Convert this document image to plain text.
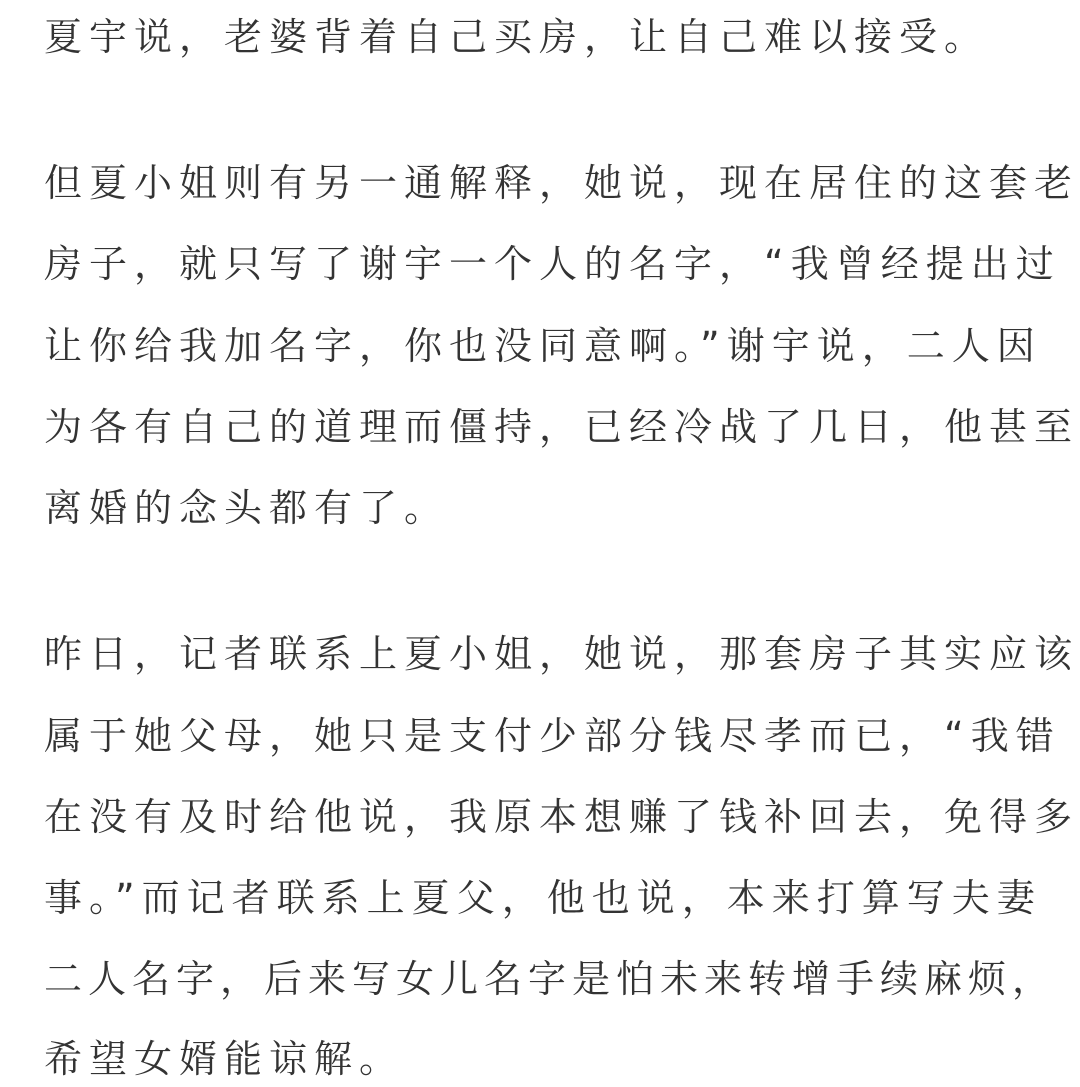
夏宇说，老婆背着自己买房，让自己难以接受。
但夏小姐则有另一通解释，她说，现在居住的这套老
房子，就只写了谢宇一个人的名字，“我曾经提出过
让你给我加名字，你也没同意啊。”谢宇说，二人因
为各有自己的道理而僵持，已经冷战了几日，他甚至
离婚的念头都有了。
昨日，记者联系上夏小姐，她说，那套房子其实应该
属于她父母，她只是支付少部分钱尽孝而已，“我错
在没有及时给他说，我原本想赚了钱补回去，免得多
事。”而记者联系上夏父，他也说，本来打算写夫妻
二人名字，后来写女儿名字是怕未来转增手续麻烦，
希望女婿能谅解。
